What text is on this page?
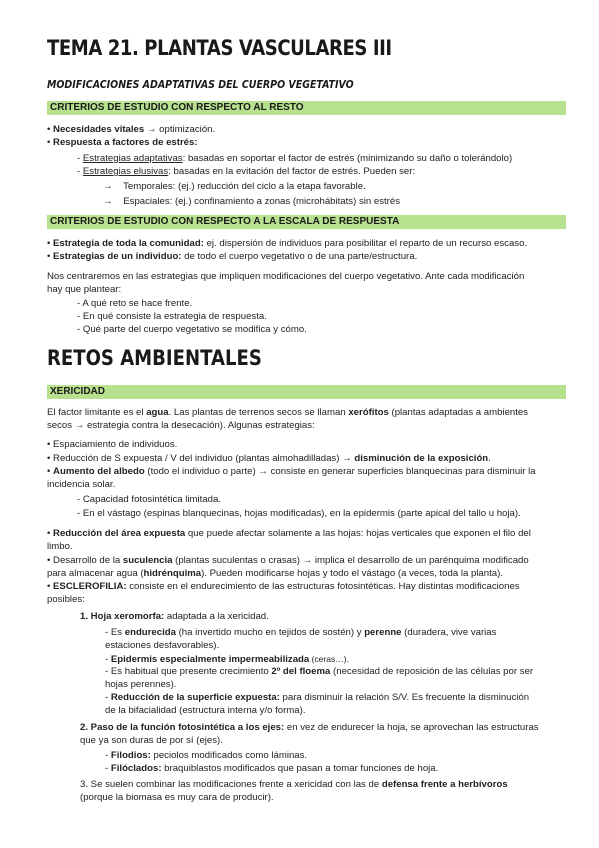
TEMA 21. PLANTAS VASCULARES III
MODIFICACIONES ADAPTATIVAS DEL CUERPO VEGETATIVO
CRITERIOS DE ESTUDIO CON RESPECTO AL RESTO
• Necesidades vitales → optimización.
• Respuesta a factores de estrés:
- Estrategias adaptativas: basadas en soportar el factor de estrés (minimizando su daño o tolerándolo)
- Estrategias elusivas: basadas en la evitación del factor de estrés. Pueden ser:
→    Temporales: (ej.) reducción del ciclo a la etapa favorable.
→    Espaciales: (ej.) confinamiento a zonas (microhábitats) sin estrés
CRITERIOS DE ESTUDIO CON RESPECTO A LA ESCALA DE RESPUESTA
• Estrategia de toda la comunidad: ej. dispersión de individuos para posibilitar el reparto de un recurso escaso.
• Estrategias de un individuo: de todo el cuerpo vegetativo o de una parte/estructura.
Nos centraremos en las estrategias que impliquen modificaciones del cuerpo vegetativo. Ante cada modificación
hay que plantear:
- A qué reto se hace frente.
- En qué consiste la estrategia de respuesta.
- Qué parte del cuerpo vegetativo se modifica y cómo.
RETOS AMBIENTALES
XERICIDAD
El factor limitante es el agua. Las plantas de terrenos secos se llaman xerófitos (plantas adaptadas a ambientes
secos → estrategia contra la desecación). Algunas estrategias:
• Espaciamiento de individuos.
• Reducción de S expuesta / V del individuo (plantas almohadilladas) → disminución de la exposición.
• Aumento del albedo (todo el individuo o parte) → consiste en generar superficies blanquecinas para disminuir la
incidencia solar.
- Capacidad fotosintética limitada.
- En el vástago (espinas blanquecinas, hojas modificadas), en la epidermis (parte apical del tallo u hoja).
• Reducción del área expuesta que puede afectar solamente a las hojas: hojas verticales que exponen el filo del
limbo.
• Desarrollo de la suculencia (plantas suculentas o crasas) → implica el desarrollo de un parénquima modificado
para almacenar agua (hidrénquima). Pueden modificarse hojas y todo el vástago (a veces, toda la planta).
• ESCLEROFILIA: consiste en el endurecimiento de las estructuras fotosintéticas. Hay distintas modificaciones
posibles:
1. Hoja xeromorfa: adaptada a la xericidad.
- Es endurecida (ha invertido mucho en tejidos de sostén) y perenne (duradera, vive varias
estaciones desfavorables).
- Epidermis especialmente impermeabilizada (ceras…).
- Es habitual que presente crecimiento 2º del floema (necesidad de reposición de las células por ser
hojas perennes).
- Reducción de la superficie expuesta: para disminuir la relación S/V. Es frecuente la disminución
de la bifacialidad (estructura interna y/o forma).
2. Paso de la función fotosintética a los ejes: en vez de endurecer la hoja, se aprovechan las estructuras
que ya son duras de por sí (ejes).
- Filodios: peciolos modificados como láminas.
- Filóclados: braquiblastos modificados que pasan a tomar funciones de hoja.
3. Se suelen combinar las modificaciones frente a xericidad con las de defensa frente a herbívoros
(porque la biomasa es muy cara de producir).
